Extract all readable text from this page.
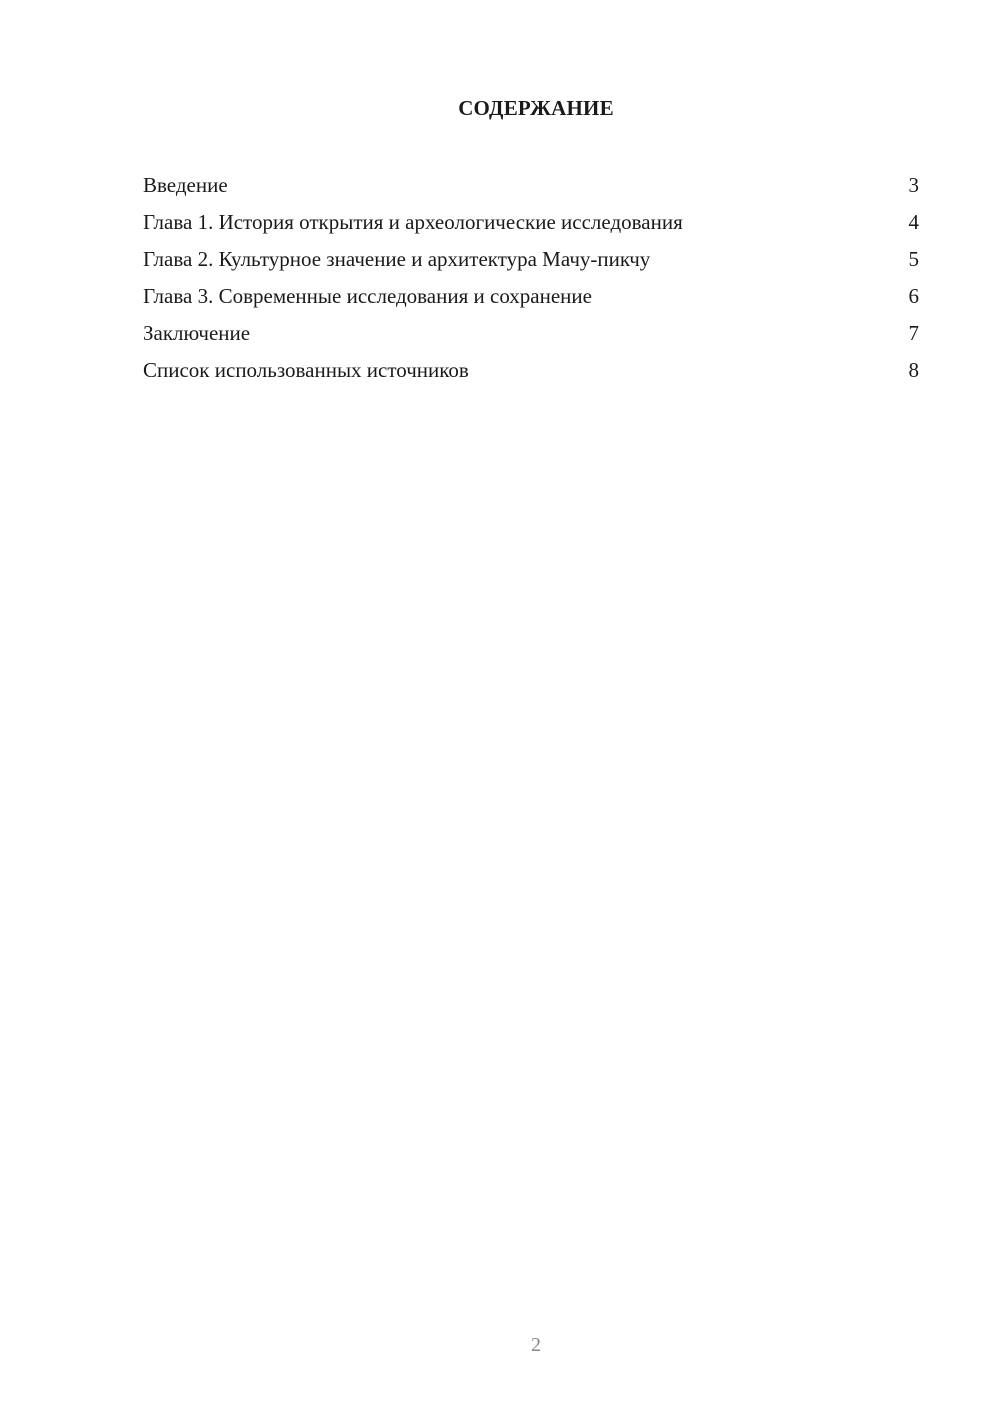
СОДЕРЖАНИЕ
Введение	3
Глава 1. История открытия и археологические исследования	4
Глава 2. Культурное значение и архитектура Мачу-пикчу	5
Глава 3. Современные исследования и сохранение	6
Заключение	7
Список использованных источников	8
2
